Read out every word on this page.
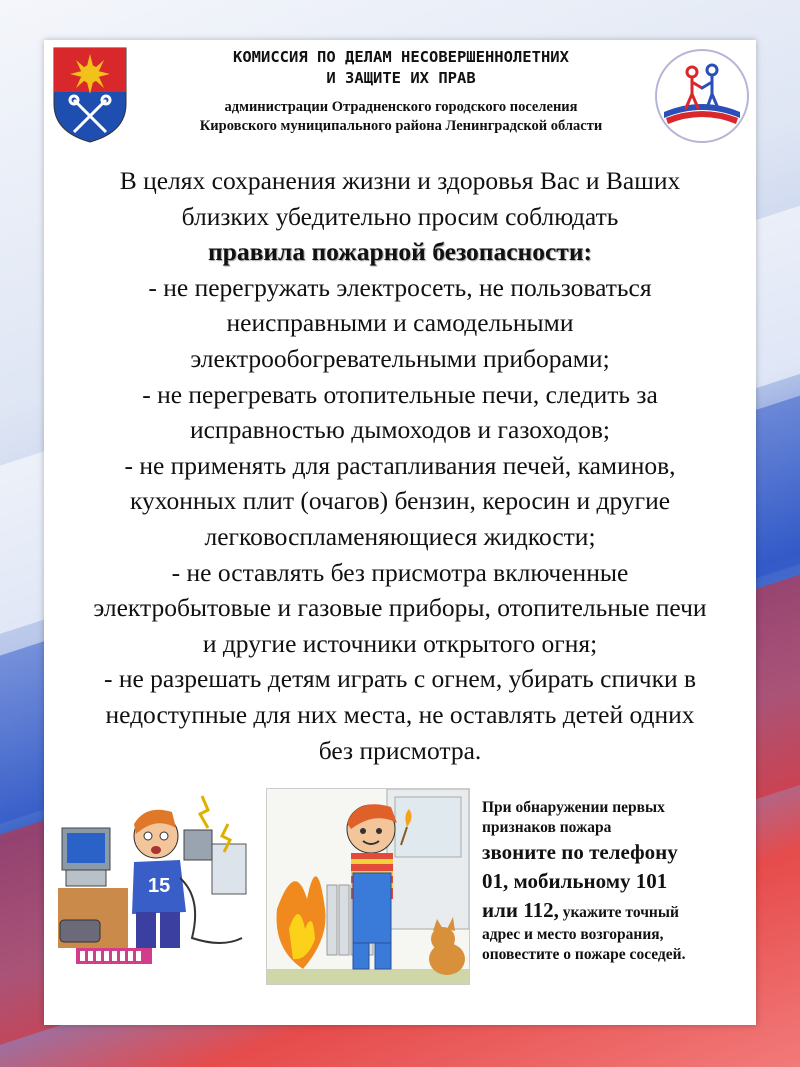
КОМИССИЯ ПО ДЕЛАМ НЕСОВЕРШЕННОЛЕТНИХ
И ЗАЩИТЕ ИХ ПРАВ
администрации Отрадненского городского поселения
Кировского муниципального района Ленинградской области
В целях сохранения жизни и здоровья Вас и Ваших
близких убедительно просим соблюдать
правила пожарной безопасности:
- не перегружать электросеть, не пользоваться
неисправными и самодельными
электрообогревательными приборами;
- не перегревать отопительные печи, следить за
исправностью дымоходов и газоходов;
- не применять для растапливания печей, каминов,
кухонных плит (очагов) бензин, керосин и другие
легковоспламеняющиеся жидкости;
- не оставлять без присмотра включенные
электробытовые и газовые приборы, отопительные печи
и другие источники открытого огня;
- не разрешать детям играть с огнем, убирать спички в
недоступные для них места, не оставлять детей одних
без присмотра.
15
При обнаружении первых
признаков пожара
звоните по телефону
01, мобильному 101
или 112, укажите точный
адрес и место возгорания,
оповестите о пожаре соседей.
